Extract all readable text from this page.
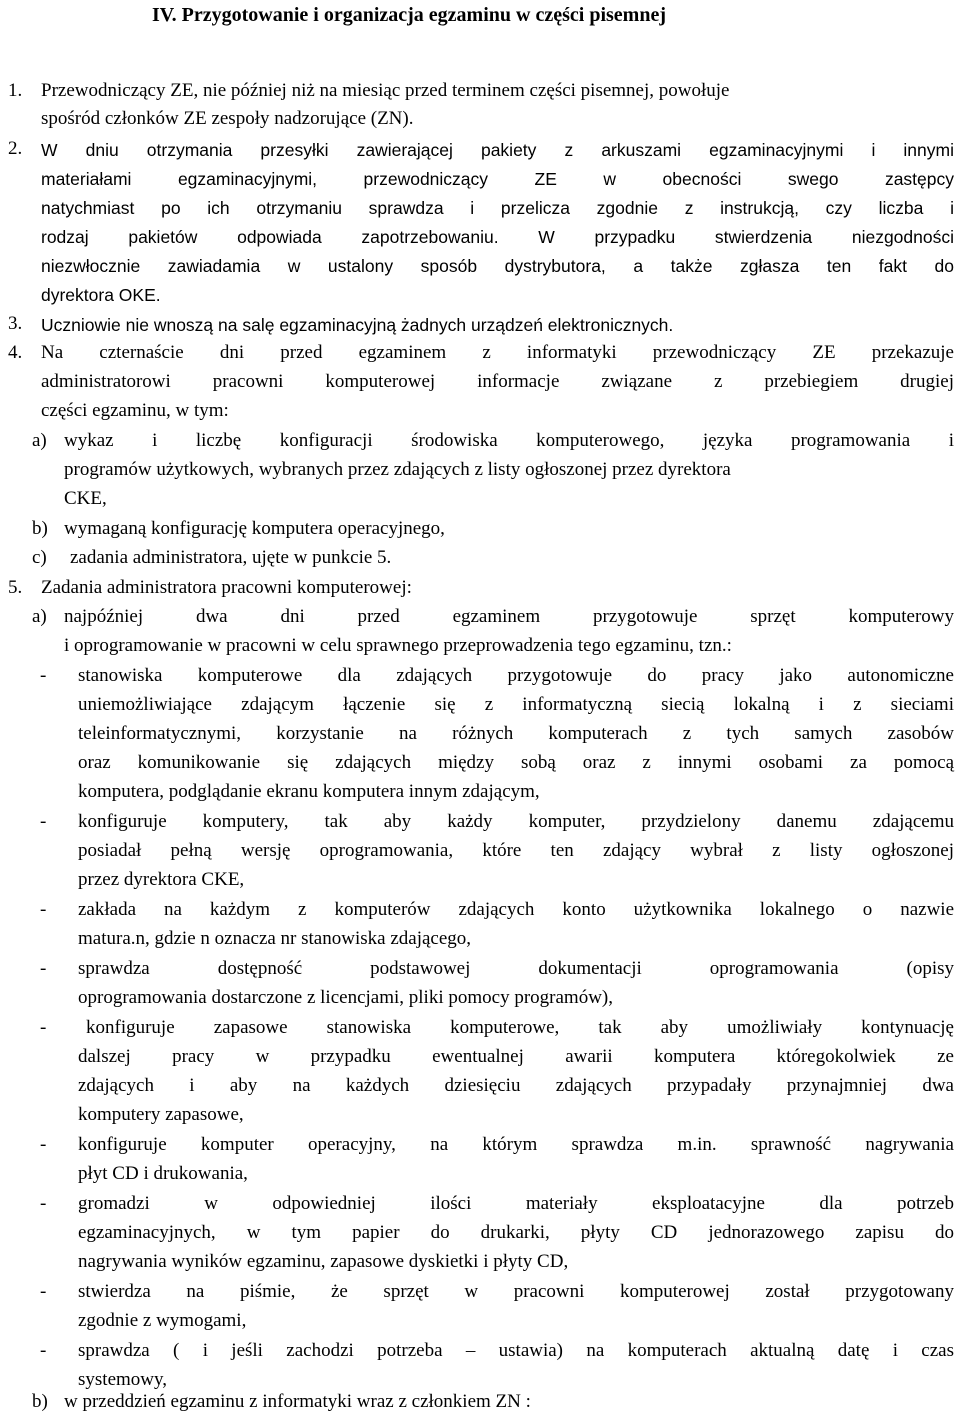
IV. Przygotowanie i organizacja egzaminu w części pisemnej
1. Przewodniczący ZE, nie później niż na miesiąc przed terminem części pisemnej, powołuje
spośród członków ZE zespoły nadzorujące (ZN).
2. W dniu otrzymania przesyłki zawierającej pakiety z arkuszami egzaminacyjnymi i innymi
materiałami egzaminacyjnymi, przewodniczący ZE w obecności swego zastępcy
natychmiast po ich otrzymaniu sprawdza i przelicza zgodnie z instrukcją, czy liczba i
rodzaj pakietów odpowiada zapotrzebowaniu. W przypadku stwierdzenia niezgodności
niezwłocznie zawiadamia w ustalony sposób dystrybutora, a także zgłasza ten fakt do
dyrektora OKE.
3. Uczniowie nie wnoszą na salę egzaminacyjną żadnych urządzeń elektronicznych.
4. Na czternaście dni przed egzaminem z informatyki przewodniczący ZE przekazuje
administratorowi pracowni komputerowej informacje związane z przebiegiem drugiej
części egzaminu, w tym:
a) wykaz i liczbę konfiguracji środowiska komputerowego, języka programowania i
programów użytkowych, wybranych przez zdających z listy ogłoszonej przez dyrektora
CKE,
b) wymaganą konfigurację komputera operacyjnego,
c) zadania administratora, ujęte w punkcie 5.
5. Zadania administratora pracowni komputerowej:
a) najpóźniej dwa dni przed egzaminem przygotowuje sprzęt komputerowy
i oprogramowanie w pracowni w celu sprawnego przeprowadzenia tego egzaminu, tzn.:
- stanowiska komputerowe dla zdających przygotowuje do pracy jako autonomiczne
uniemożliwiające zdającym łączenie się z informatyczną siecią lokalną i z sieciami
teleinformatycznymi, korzystanie na różnych komputerach z tych samych zasobów
oraz komunikowanie się zdających między sobą oraz z innymi osobami za pomocą
komputera, podglądanie ekranu komputera innym zdającym,
- konfiguruje komputery, tak aby każdy komputer, przydzielony danemu zdającemu
posiadał pełną wersję oprogramowania, które ten zdający wybrał z listy ogłoszonej
przez dyrektora CKE,
- zakłada na każdym z komputerów zdających konto użytkownika lokalnego o nazwie
matura.n, gdzie n oznacza nr stanowiska zdającego,
- sprawdza dostępność podstawowej dokumentacji oprogramowania (opisy
oprogramowania dostarczone z licencjami, pliki pomocy programów),
- konfiguruje zapasowe stanowiska komputerowe, tak aby umożliwiały kontynuację
dalszej pracy w przypadku ewentualnej awarii komputera któregokolwiek ze
zdających i aby na każdych dziesięciu zdających przypadały przynajmniej dwa
komputery zapasowe,
- konfiguruje komputer operacyjny, na którym sprawdza m.in. sprawność nagrywania
płyt CD i drukowania,
- gromadzi w odpowiedniej ilości materiały eksploatacyjne dla potrzeb
egzaminacyjnych, w tym papier do drukarki, płyty CD jednorazowego zapisu do
nagrywania wyników egzaminu, zapasowe dyskietki i płyty CD,
- stwierdza na piśmie, że sprzęt w pracowni komputerowej został przygotowany
zgodnie z wymogami,
- sprawdza ( i jeśli zachodzi potrzeba – ustawia) na komputerach aktualną datę i czas
systemowy,
b) w przeddzień egzaminu z informatyki wraz z członkiem ZN :
